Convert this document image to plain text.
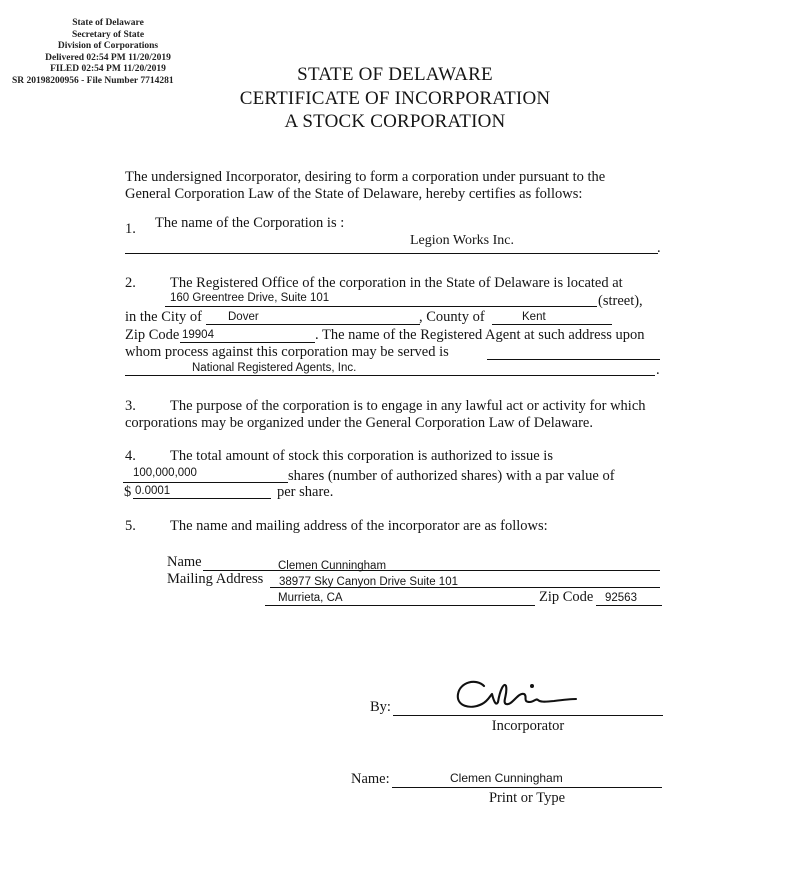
State of Delaware
Secretary of State
Division of Corporations
Delivered 02:54 PM 11/20/2019
FILED 02:54 PM 11/20/2019
SR 20198200956 - File Number 7714281	STATE OF DELAWARE
CERTIFICATE OF INCORPORATION
A STOCK CORPORATION
The undersigned Incorporator, desiring to form a corporation under pursuant to the
General Corporation Law of the State of Delaware, hereby certifies as follows:
1. The name of the Corporation is :
Legion Works Inc.	.
2. The Registered Office of the corporation in the State of Delaware is located at
160 Greentree Drive, Suite 101	(street),
in the City of Dover	, County of	Kent
Zip Code 19904	. The name of the Registered Agent at such address upon
whom process against this corporation may be served is
National Registered Agents, Inc.	.
3. The purpose of the corporation is to engage in any lawful act or activity for which
corporations may be organized under the General Corporation Law of Delaware.
4. The total amount of stock this corporation is authorized to issue is
100,000,000	shares (number of authorized shares) with a par value of
$ 0.0001	per share.
5. The name and mailing address of the incorporator are as follows:
Name	Clemen Cunningham
Mailing Address 38977 Sky Canyon Drive Suite 101
Murrieta, CA	Zip Code 92563
By:
Incorporator
Name:	Clemen Cunningham
Print or Type
